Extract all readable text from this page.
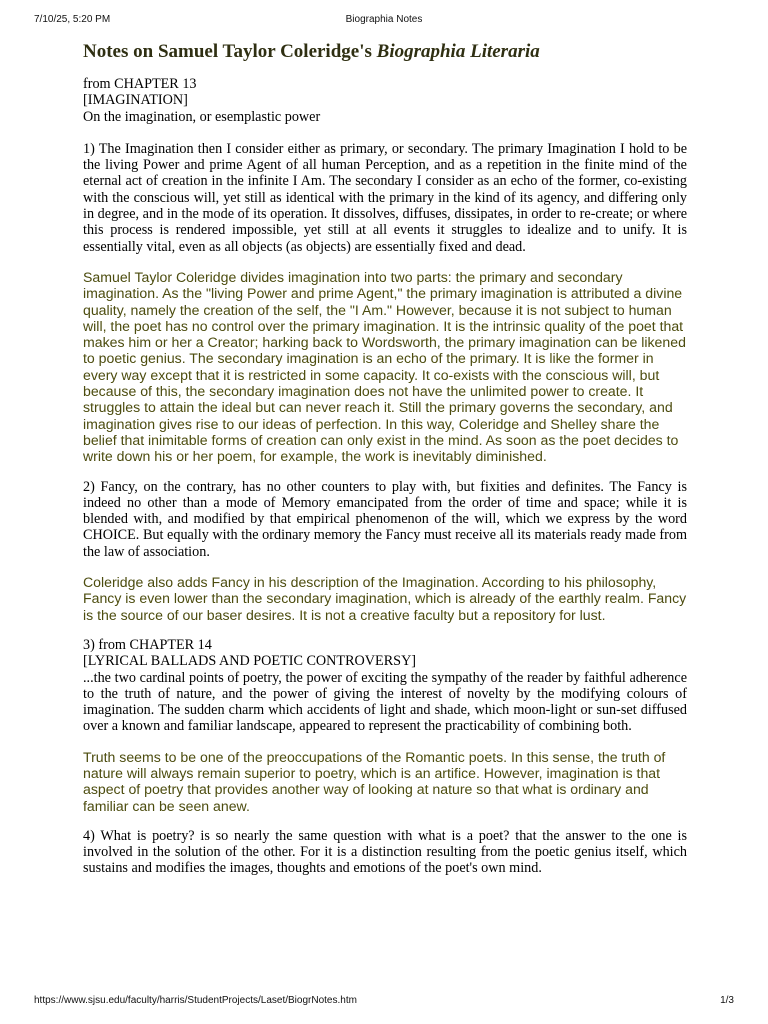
7/10/25, 5:20 PM	Biographia Notes
Notes on Samuel Taylor Coleridge's Biographia Literaria

from CHAPTER 13

[IMAGINATION]

On the imagination, or esemplastic power

1) The Imagination then I consider either as primary, or secondary. The primary Imagination I hold to be the living Power and prime Agent of all human Perception, and as a repetition in the finite mind of the eternal act of creation in the infinite I Am. The secondary I consider as an echo of the former, co-existing with the conscious will, yet still as identical with the primary in the kind of its agency, and differing only in degree, and in the mode of its operation. It dissolves, diffuses, dissipates, in order to re-create; or where this process is rendered impossible, yet still at all events it struggles to idealize and to unify. It is essentially vital, even as all objects (as objects) are essentially fixed and dead.

Samuel Taylor Coleridge divides imagination into two parts: the primary and secondary imagination. As the "living Power and prime Agent," the primary imagination is attributed a divine quality, namely the creation of the self, the "I Am." However, because it is not subject to human will, the poet has no control over the primary imagination. It is the intrinsic quality of the poet that makes him or her a Creator; harking back to Wordsworth, the primary imagination can be likened to poetic genius. The secondary imagination is an echo of the primary. It is like the former in every way except that it is restricted in some capacity. It co-exists with the conscious will, but because of this, the secondary imagination does not have the unlimited power to create. It struggles to attain the ideal but can never reach it. Still the primary governs the secondary, and imagination gives rise to our ideas of perfection. In this way, Coleridge and Shelley share the belief that inimitable forms of creation can only exist in the mind. As soon as the poet decides to write down his or her poem, for example, the work is inevitably diminished.

2) Fancy, on the contrary, has no other counters to play with, but fixities and definites. The Fancy is indeed no other than a mode of Memory emancipated from the order of time and space; while it is blended with, and modified by that empirical phenomenon of the will, which we express by the word CHOICE. But equally with the ordinary memory the Fancy must receive all its materials ready made from the law of association.

Coleridge also adds Fancy in his description of the Imagination. According to his philosophy, Fancy is even lower than the secondary imagination, which is already of the earthly realm. Fancy is the source of our baser desires. It is not a creative faculty but a repository for lust.

3) from CHAPTER 14

[LYRICAL BALLADS AND POETIC CONTROVERSY]

...the two cardinal points of poetry, the power of exciting the sympathy of the reader by faithful adherence to the truth of nature, and the power of giving the interest of novelty by the modifying colours of imagination. The sudden charm which accidents of light and shade, which moon-light or sun-set diffused over a known and familiar landscape, appeared to represent the practicability of combining both.

Truth seems to be one of the preoccupations of the Romantic poets. In this sense, the truth of nature will always remain superior to poetry, which is an artifice. However, imagination is that aspect of poetry that provides another way of looking at nature so that what is ordinary and familiar can be seen anew.

4) What is poetry? is so nearly the same question with what is a poet? that the answer to the one is involved in the solution of the other. For it is a distinction resulting from the poetic genius itself, which sustains and modifies the images, thoughts and emotions of the poet's own mind.

https://www.sjsu.edu/faculty/harris/StudentProjects/Laset/BiogrNotes.htm	1/3
